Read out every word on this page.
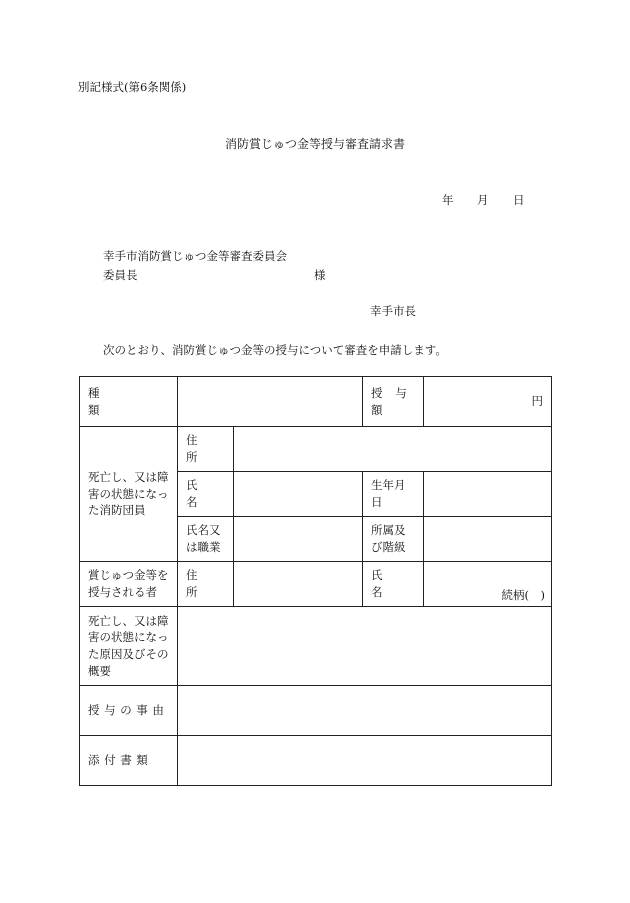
別記様式(第6条関係)
消防賞じゅつ金等授与審査請求書
年 月 日
幸手市消防賞じゅつ金等審査委員会
委員長	様
幸手市長
次のとおり、消防賞じゅつ金等の授与について審査を申請します。
種 類			授 与 額	円
死亡し、又は障害の状態になった消防団員	住 所			
	氏 名		生年月日	
	氏名又は職業		所属及び階級	
賞じゅつ金等を授与される者	住 所		氏 名	続柄(　)

死亡し、又は障害の状態になった原因及びその概要				
授与の事由				
添付書類				
